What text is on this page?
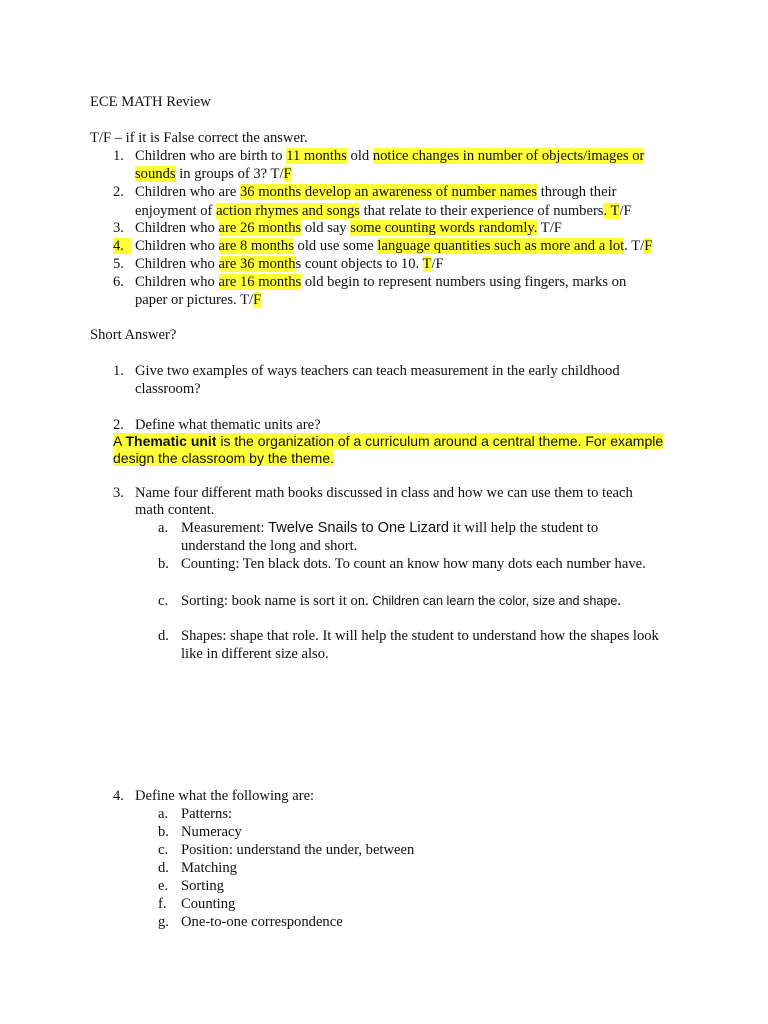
ECE MATH Review
T/F – if it is False correct the answer.
1. Children who are birth to 11 months old notice changes in number of objects/images or
sounds in groups of 3? T/F
2. Children who are 36 months develop an awareness of number names through their
enjoyment of action rhymes and songs that relate to their experience of numbers. T/F
3. Children who are 26 months old say some counting words randomly. T/F
4. Children who are 8 months old use some language quantities such as more and a lot. T/F
5. Children who are 36 months count objects to 10. T/F
6. Children who are 16 months old begin to represent numbers using fingers, marks on
paper or pictures. T/F
Short Answer?
1. Give two examples of ways teachers can teach measurement in the early childhood
classroom?
2. Define what thematic units are?
A Thematic unit is the organization of a curriculum around a central theme. For example
design the classroom by the theme.
3. Name four different math books discussed in class and how we can use them to teach
math content.
a. Measurement: Twelve Snails to One Lizard it will help the student to
understand the long and short.
b. Counting: Ten black dots. To count an know how many dots each number have.
c. Sorting: book name is sort it on. Children can learn the color, size and shape.
d. Shapes: shape that role. It will help the student to understand how the shapes look
like in different size also.
4. Define what the following are:
a. Patterns:
b. Numeracy
c. Position: understand the under, between
d. Matching
e. Sorting
f. Counting
g. One-to-one correspondence
